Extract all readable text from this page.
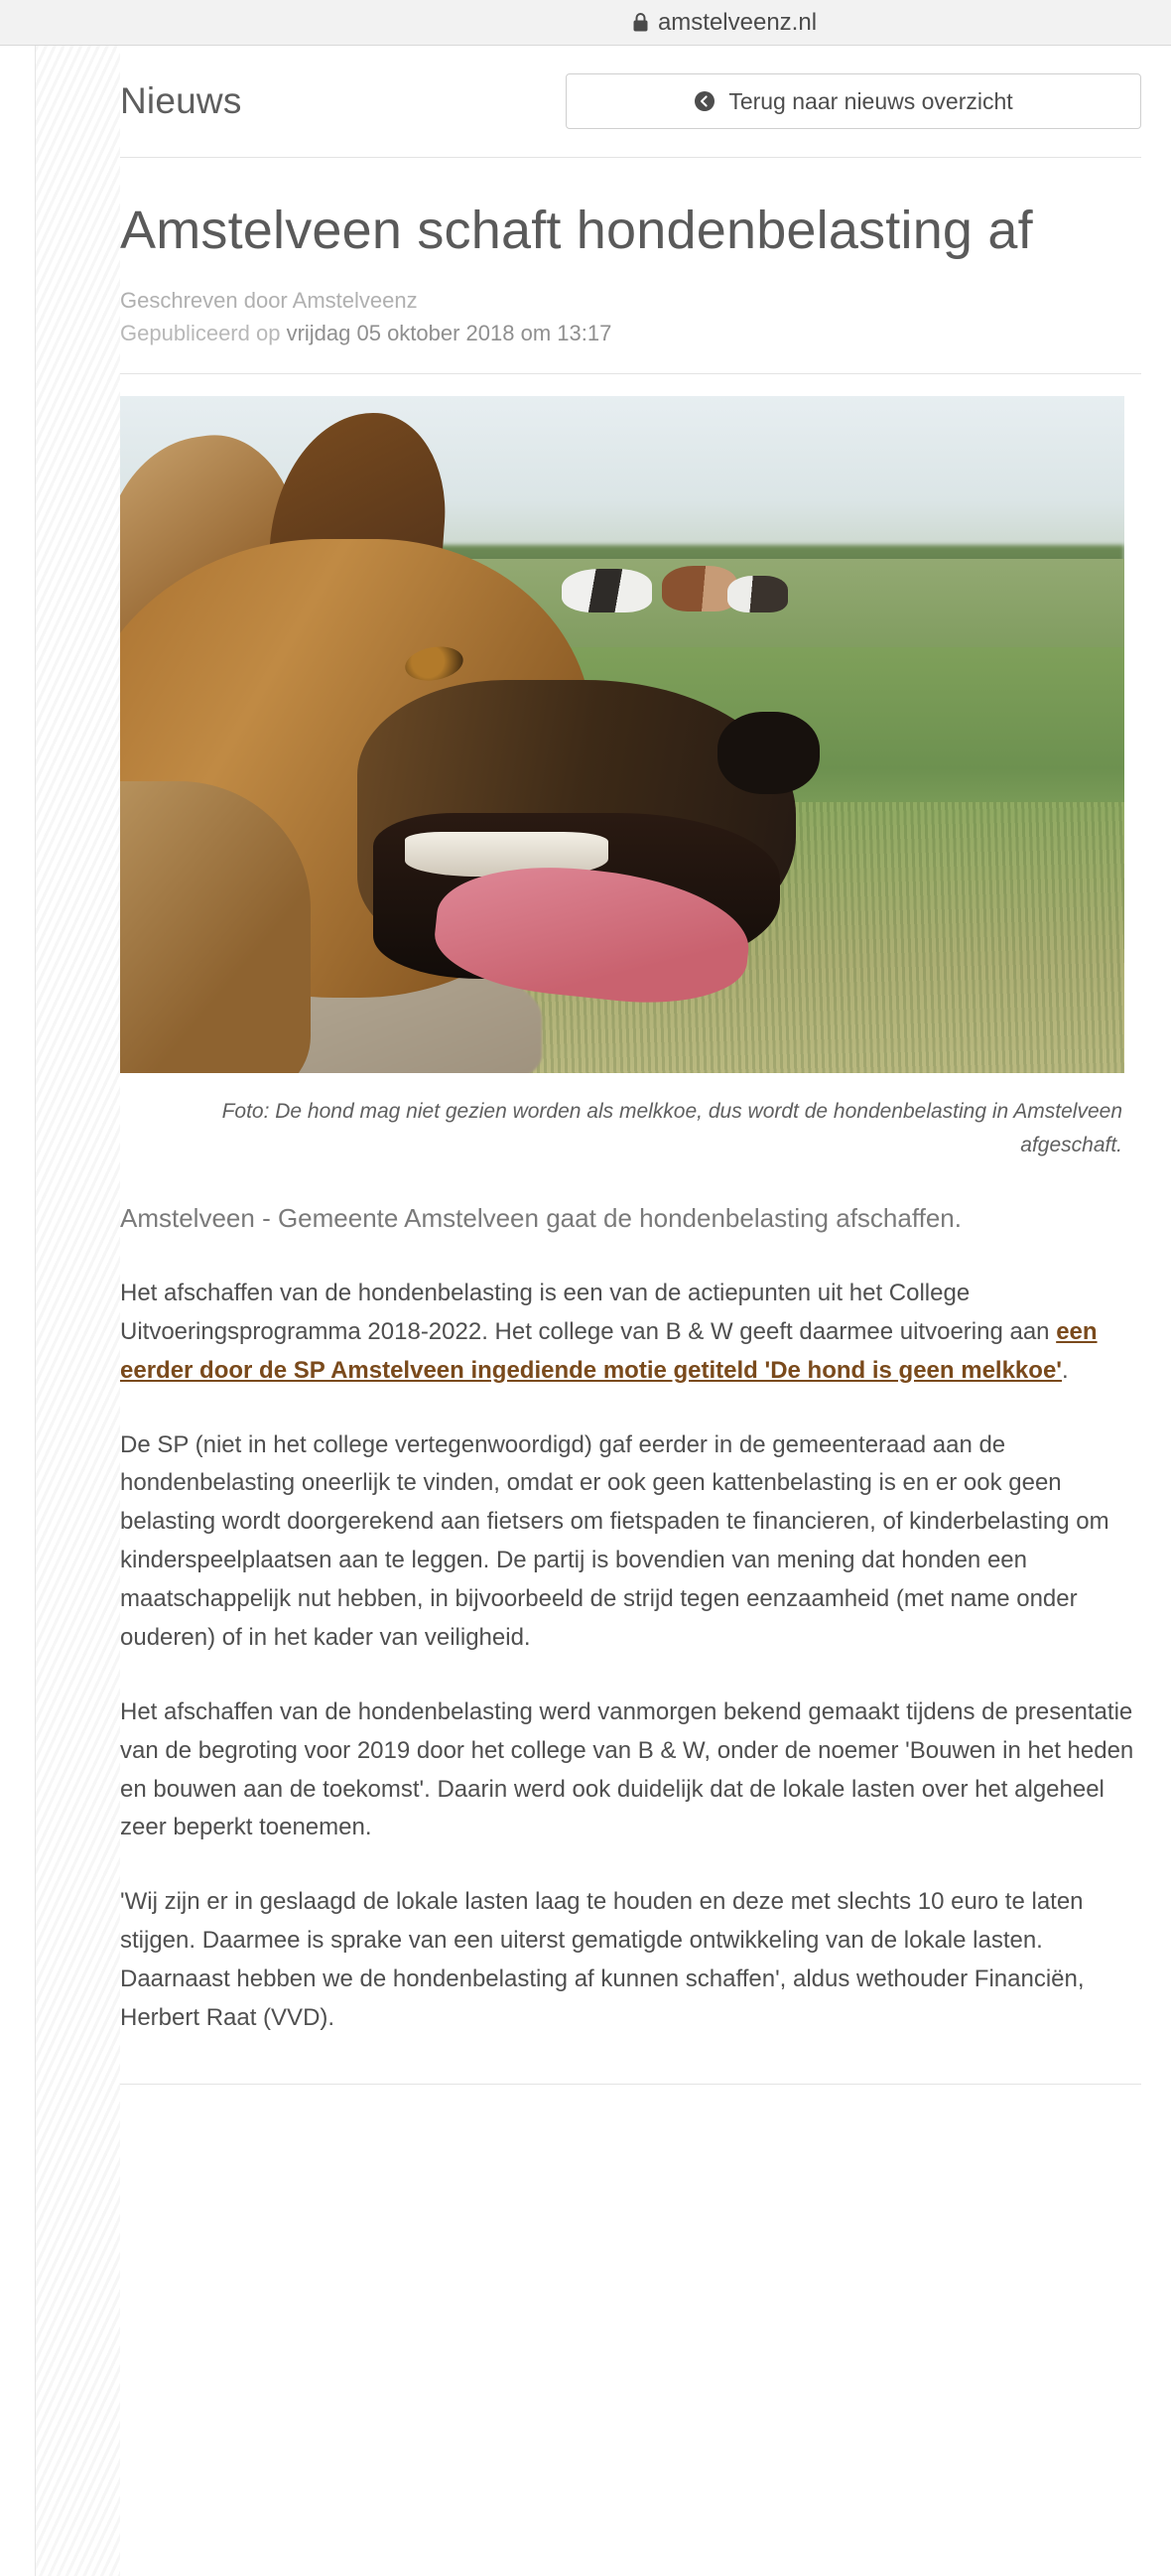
amstelveenz.nl
Nieuws	Terug naar nieuws overzicht
Amstelveen schaft hondenbelasting af
Geschreven door Amstelveenz
Gepubliceerd op vrijdag 05 oktober 2018 om 13:17
Foto: De hond mag niet gezien worden als melkkoe, dus wordt de hondenbelasting in Amstelveen afgeschaft.

Amstelveen - Gemeente Amstelveen gaat de hondenbelasting afschaffen.

Het afschaffen van de hondenbelasting is een van de actiepunten uit het College Uitvoeringsprogramma 2018-2022. Het college van B & W geeft daarmee uitvoering aan een eerder door de SP Amstelveen ingediende motie getiteld 'De hond is geen melkkoe'.

De SP (niet in het college vertegenwoordigd) gaf eerder in de gemeenteraad aan de hondenbelasting oneerlijk te vinden, omdat er ook geen kattenbelasting is en er ook geen belasting wordt doorgerekend aan fietsers om fietspaden te financieren, of kinderbelasting om kinderspeelplaatsen aan te leggen. De partij is bovendien van mening dat honden een maatschappelijk nut hebben, in bijvoorbeeld de strijd tegen eenzaamheid (met name onder ouderen) of in het kader van veiligheid.

Het afschaffen van de hondenbelasting werd vanmorgen bekend gemaakt tijdens de presentatie van de begroting voor 2019 door het college van B & W, onder de noemer 'Bouwen in het heden en bouwen aan de toekomst'. Daarin werd ook duidelijk dat de lokale lasten over het algeheel zeer beperkt toenemen.

'Wij zijn er in geslaagd de lokale lasten laag te houden en deze met slechts 10 euro te laten stijgen. Daarmee is sprake van een uiterst gematigde ontwikkeling van de lokale lasten. Daarnaast hebben we de hondenbelasting af kunnen schaffen', aldus wethouder Financiën, Herbert Raat (VVD).
